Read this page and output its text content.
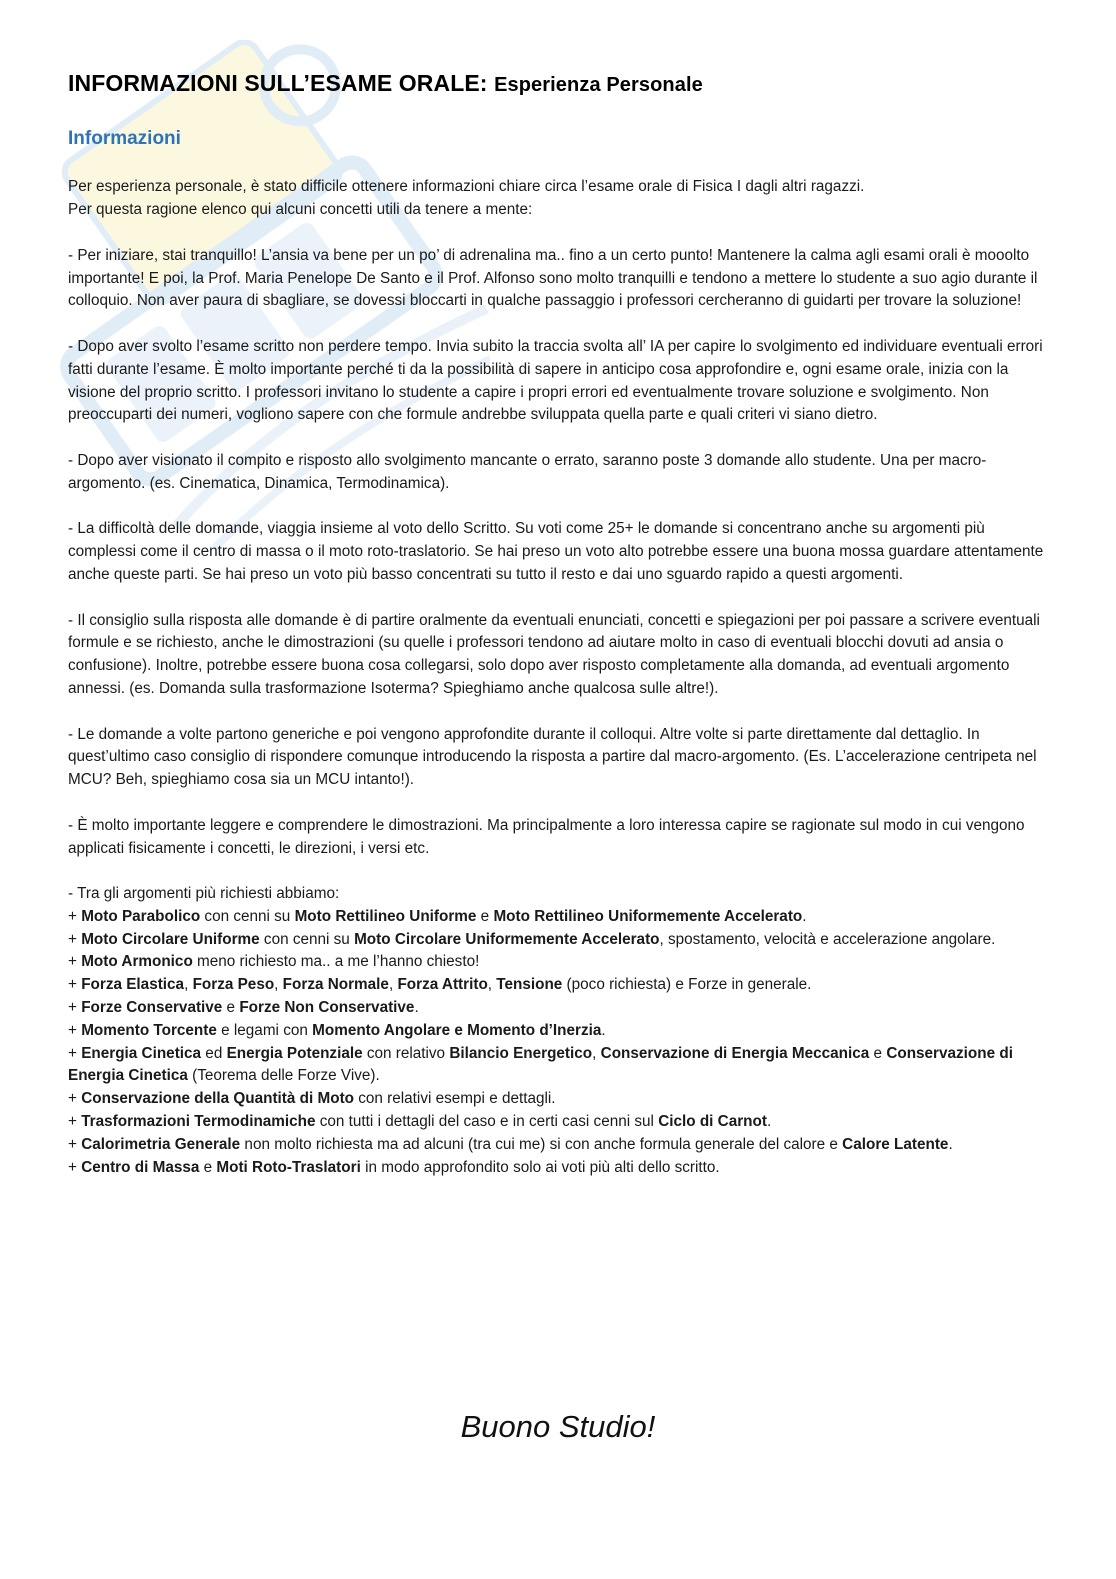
INFORMAZIONI SULL’ESAME ORALE: Esperienza Personale
Informazioni

Per esperienza personale, è stato difficile ottenere informazioni chiare circa l’esame orale di Fisica I dagli altri ragazzi.

Per questa ragione elenco qui alcuni concetti utili da tenere a mente:

- Per iniziare, stai tranquillo! L’ansia va bene per un po’ di adrenalina ma.. fino a un certo punto! Mantenere la calma agli esami orali è mooolto importante! E poi, la Prof. Maria Penelope De Santo e il Prof. Alfonso sono molto tranquilli e tendono a mettere lo studente a suo agio durante il colloquio. Non aver paura di sbagliare, se dovessi bloccarti in qualche passaggio i professori cercheranno di guidarti per trovare la soluzione!

- Dopo aver svolto l’esame scritto non perdere tempo. Invia subito la traccia svolta all’ IA per capire lo svolgimento ed individuare eventuali errori fatti durante l’esame. È molto importante perché ti da la possibilità di sapere in anticipo cosa approfondire e, ogni esame orale, inizia con la visione del proprio scritto. I professori invitano lo studente a capire i propri errori ed eventualmente trovare soluzione e svolgimento. Non preoccuparti dei numeri, vogliono sapere con che formule andrebbe sviluppata quella parte e quali criteri vi siano dietro.

- Dopo aver visionato il compito e risposto allo svolgimento mancante o errato, saranno poste 3 domande allo studente. Una per macro-argomento. (es. Cinematica, Dinamica, Termodinamica).

- La difficoltà delle domande, viaggia insieme al voto dello Scritto. Su voti come 25+ le domande si concentrano anche su argomenti più complessi come il centro di massa o il moto roto-traslatorio. Se hai preso un voto alto potrebbe essere una buona mossa guardare attentamente anche queste parti. Se hai preso un voto più basso concentrati su tutto il resto e dai uno sguardo rapido a questi argomenti.

- Il consiglio sulla risposta alle domande è di partire oralmente da eventuali enunciati, concetti e spiegazioni per poi passare a scrivere eventuali formule e se richiesto, anche le dimostrazioni (su quelle i professori tendono ad aiutare molto in caso di eventuali blocchi dovuti ad ansia o confusione). Inoltre, potrebbe essere buona cosa collegarsi, solo dopo aver risposto completamente alla domanda, ad eventuali argomento annessi. (es. Domanda sulla trasformazione Isoterma? Spieghiamo anche qualcosa sulle altre!).

- Le domande a volte partono generiche e poi vengono approfondite durante il colloqui. Altre volte si parte direttamente dal dettaglio. In quest’ultimo caso consiglio di rispondere comunque introducendo la risposta a partire dal macro-argomento. (Es. L’accelerazione centripeta nel MCU? Beh, spieghiamo cosa sia un MCU intanto!).

- È molto importante leggere e comprendere le dimostrazioni. Ma principalmente a loro interessa capire se ragionate sul modo in cui vengono applicati fisicamente i concetti, le direzioni, i versi etc.

- Tra gli argomenti più richiesti abbiamo:

+ Moto Parabolico con cenni su Moto Rettilineo Uniforme e Moto Rettilineo Uniformemente Accelerato.
+ Moto Circolare Uniforme con cenni su Moto Circolare Uniformemente Accelerato, spostamento, velocità e accelerazione angolare.
+ Moto Armonico meno richiesto ma.. a me l’hanno chiesto!
+ Forza Elastica, Forza Peso, Forza Normale, Forza Attrito, Tensione (poco richiesta) e Forze in generale.
+ Forze Conservative e Forze Non Conservative.
+ Momento Torcente e legami con Momento Angolare e Momento d’Inerzia.
+ Energia Cinetica ed Energia Potenziale con relativo Bilancio Energetico, Conservazione di Energia Meccanica e Conservazione di Energia Cinetica (Teorema delle Forze Vive).
+ Conservazione della Quantità di Moto con relativi esempi e dettagli.
+ Trasformazioni Termodinamiche con tutti i dettagli del caso e in certi casi cenni sul Ciclo di Carnot.
+ Calorimetria Generale non molto richiesta ma ad alcuni (tra cui me) si con anche formula generale del calore e Calore Latente.
+ Centro di Massa e Moti Roto-Traslatori in modo approfondito solo ai voti più alti dello scritto.
Buono Studio!
